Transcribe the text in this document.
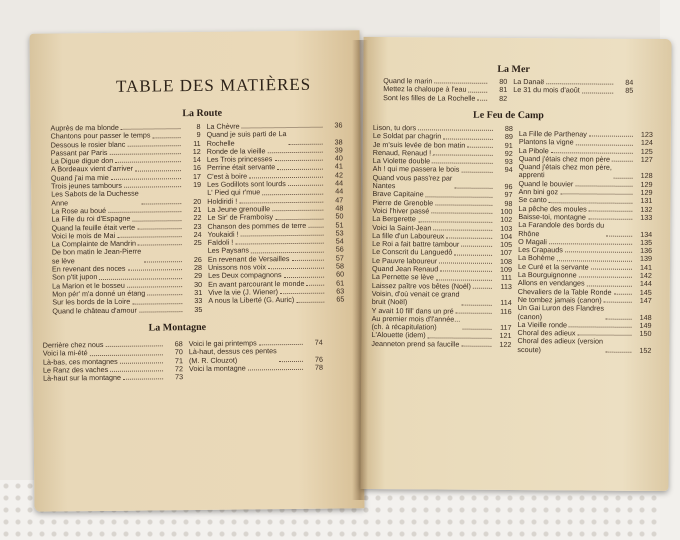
TABLE DES MATIÈRES
La Route
Auprès de ma blonde	8
Chantons pour passer le temps	9
Dessous le rosier blanc	11
Passant par Paris	12
La Digue digue don	14
A Bordeaux vient d'arriver	16
Quand j'ai ma mie	17
Trois jeunes tambours	19
Les Sabots de la Duchesse
Anne	20
La Rose au boué	21
La Fille du roi d'Espagne	22
Quand la feuille était verte	23
Voici le mois de Mai	24
La Complainte de Mandrin	25
De bon matin le Jean-Pierre
se lève	26
En revenant des noces	28
Son p'tit jupon	29
La Marion et le bosseu	30
Mon pér' m'a donné un étang	31
Sur les bords de la Loire	33
Quand le château d'amour	35
La Chèvre	36
Quand je suis parti de La
Rochelle	38
Ronde de la vieille	39
Les Trois princesses	40
Perrine était servante	41
C'est à boire	42
Les Godillots sont lourds	44
L' Pied qui r'mue	44
Holdiridi !	47
La Jeune grenouille	48
Le Sir' de Framboisy	50
Chanson des pommes de terre	51
Youkaidi !	53
Faïdoli !	54
Les Paysans	56
En revenant de Versailles	57
Unissons nos voix	58
Les Deux compagnons	60
En avant parcourant le monde	61
Vive la vie (J. Wiener)	63
A nous la Liberté (G. Auric)	65
La Montagne
Derrière chez nous	68
Voici la mi-été	70
Là-bas, ces montagnes	71
Le Ranz des vaches	72
Là-haut sur la montagne	73
Voici le gai printemps	74
Là-haut, dessus ces pentes
(M. R. Clouzot)	76
Voici la montagne	78
La Mer
Quand le marin	80
Mettez la chaloupe à l'eau	81
Sont les filles de La Rochelle	82
La Danaë	84
Le 31 du mois d'août	85
Le Feu de Camp
Lison, tu dors	88
Le Soldat par chagrin	89
Je m'suis levée de bon matin	91
Renaud, Renaud !	92
La Violette double	93
Ah ! qui me passera le bois	94
Quand vous pass'rez par
Nantes	96
Brave Capitaine	97
Pierre de Grenoble	98
Voici l'hiver passé	100
La Bergerette	102
Voici la Saint-Jean	103
La fille d'un Laboureux	104
Le Roi a fait battre tambour	105
Le Conscrit du Languedô	107
Le Pauvre laboureur	108
Quand Jean Renaud	109
La Pernette se lève	111
Laissez paître vos bêtes (Noël)	113
Voisin, d'où venait ce grand
bruit (Noël)	114
Y avait 10 fill' dans un pré	116
Au premier mois d'l'année...
(ch. à récapitulation)	117
L'Alouette (idem)	121
Jeanneton prend sa faucille	122
La Fille de Parthenay	123
Plantons la vigne	124
La Pibole	125
Quand j'étais chez mon père	127
Quand j'étais chez mon père,
apprenti	128
Quand le bouvier	129
Ann bini goz	129
Se canto	131
La pêche des moules	132
Baisse-toi, montagne	133
La Farandole des bords du
Rhône	134
O Magali	135
Les Crapauds	136
La Bohème	139
Le Curé et la servante	141
La Bourguignonne	142
Allons en vendanges	144
Chevaliers de la Table Ronde	145
Ne tombez jamais (canon)	147
Un Gai Luron des Flandres
(canon)	148
La Vieille ronde	149
Choral des adieux	150
Choral des adieux (version
scoute)	152
